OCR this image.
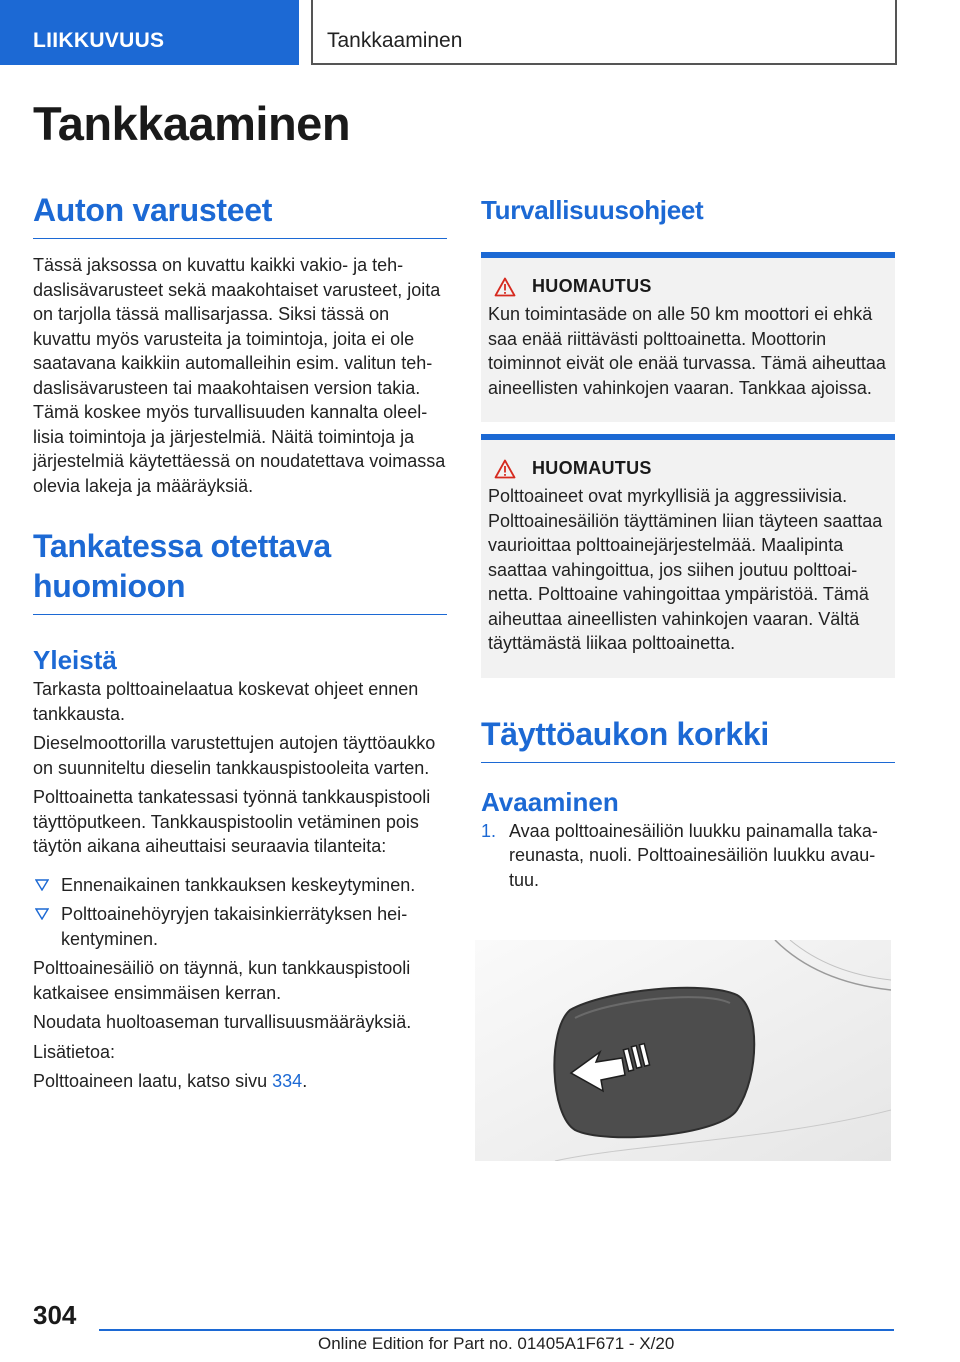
LIIKKUVUUS	Tankkaaminen
Tankkaaminen
Auton varusteet

Tässä jaksossa on kuvattu kaikki vakio- ja tehdaslisävarusteet sekä maakohtaiset varusteet, joita on tarjolla tässä mallisarjassa. Siksi tässä on kuvattu myös varusteita ja toimintoja, joita ei ole saatavana kaikkiin automalleihin esim. valitun tehdaslisävarusteen tai maakohtaisen version takia. Tämä koskee myös turvallisuuden kannalta oleellisia toimintoja ja järjestelmiä. Näitä toimintoja ja järjestelmiä käytettäessä on noudatettava voimassa olevia lakeja ja määräyksiä.

Tankatessa otettava huomioon
Yleistä

Tarkasta polttoainelaatua koskevat ohjeet ennen tankkausta.

Dieselmoottorilla varustettujen autojen täyttöaukko on suunniteltu dieselin tankkauspistooleita varten.

Polttoainetta tankatessasi työnnä tankkauspistooli täyttöputkeen. Tankkauspistoolin vetäminen pois täytön aikana aiheuttaisi seuraavia tilanteita:

Ennenaikainen tankkauksen keskeytyminen.
Polttoainehöyryjen takaisinkierrätyksen heikentyminen.

Polttoainesäiliö on täynnä, kun tankkauspistooli katkaisee ensimmäisen kerran.

Noudata huoltoaseman turvallisuusmääräyksiä.

Lisätietoa:

Polttoaineen laatu, katso sivu 334.

Turvallisuusohjeet
HUOMAUTUS

Kun toimintasäde on alle 50 km moottori ei ehkä saa enää riittävästi polttoainetta. Moottorin toiminnot eivät ole enää turvassa. Tämä aiheuttaa aineellisten vahinkojen vaaran. Tankkaa ajoissa.

HUOMAUTUS

Polttoaineet ovat myrkyllisiä ja aggressiivisia. Polttoainesäiliön täyttäminen liian täyteen saattaa vaurioittaa polttoainejärjestelmää. Maalipinta saattaa vahingoittua, jos siihen joutuu polttoainetta. Polttoaine vahingoittaa ympäristöä. Tämä aiheuttaa aineellisten vahinkojen vaaran. Vältä täyttämästä liikaa polttoainetta.

Täyttöaukon korkki
Avaaminen
1. Avaa polttoainesäiliön luukku painamalla takareunasta, nuoli. Polttoainesäiliön luukku avautuu.
304
Online Edition for Part no. 01405A1F671 - X/20
